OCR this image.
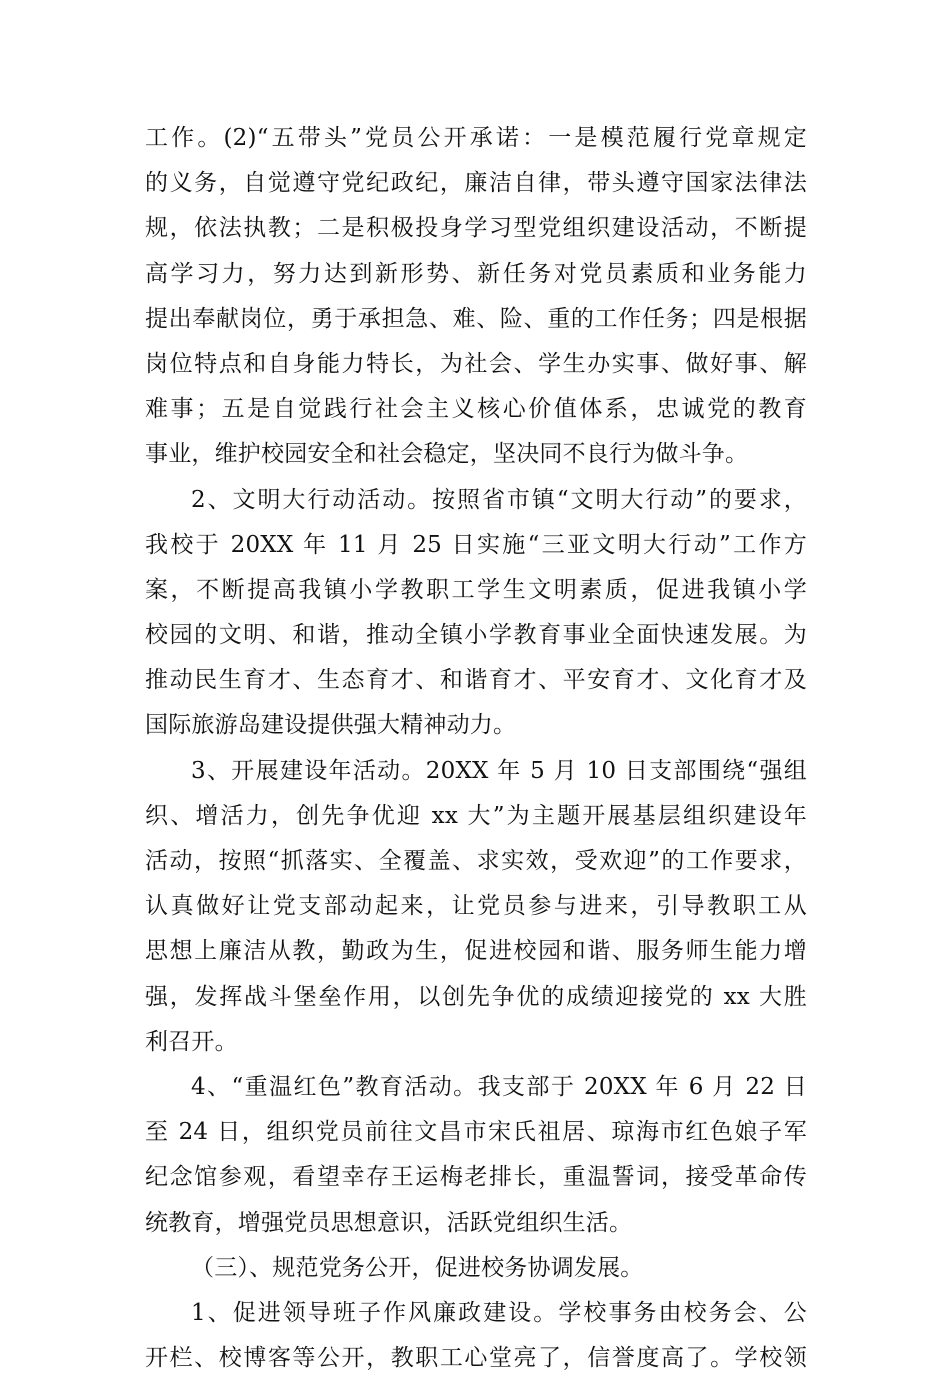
工作。(2)“五带头”党员公开承诺：一是模范履行党章规定
的义务，自觉遵守党纪政纪，廉洁自律，带头遵守国家法律法
规，依法执教；二是积极投身学习型党组织建设活动，不断提
高学习力，努力达到新形势、新任务对党员素质和业务能力
提出奉献岗位，勇于承担急、难、险、重的工作任务；四是根据
岗位特点和自身能力特长，为社会、学生办实事、做好事、解
难事；五是自觉践行社会主义核心价值体系，忠诚党的教育
事业，维护校园安全和社会稳定，坚决同不良行为做斗争。
2、文明大行动活动。按照省市镇“文明大行动”的要求，
我校于 20XX 年 11 月 25 日实施“三亚文明大行动”工作方
案，不断提高我镇小学教职工学生文明素质，促进我镇小学
校园的文明、和谐，推动全镇小学教育事业全面快速发展。为
推动民生育才、生态育才、和谐育才、平安育才、文化育才及
国际旅游岛建设提供强大精神动力。
3、开展建设年活动。20XX 年 5 月 10 日支部围绕“强组
织、增活力，创先争优迎 xx 大”为主题开展基层组织建设年
活动，按照“抓落实、全覆盖、求实效，受欢迎”的工作要求，
认真做好让党支部动起来，让党员参与进来，引导教职工从
思想上廉洁从教，勤政为生，促进校园和谐、服务师生能力增
强，发挥战斗堡垒作用，以创先争优的成绩迎接党的 xx 大胜
利召开。
4、“重温红色”教育活动。我支部于 20XX 年 6 月 22 日
至 24 日，组织党员前往文昌市宋氏祖居、琼海市红色娘子军
纪念馆参观，看望幸存王运梅老排长，重温誓词，接受革命传
统教育，增强党员思想意识，活跃党组织生活。
（三）、规范党务公开，促进校务协调发展。
1、促进领导班子作风廉政建设。学校事务由校务会、公
开栏、校博客等公开，教职工心堂亮了，信誉度高了。学校领
